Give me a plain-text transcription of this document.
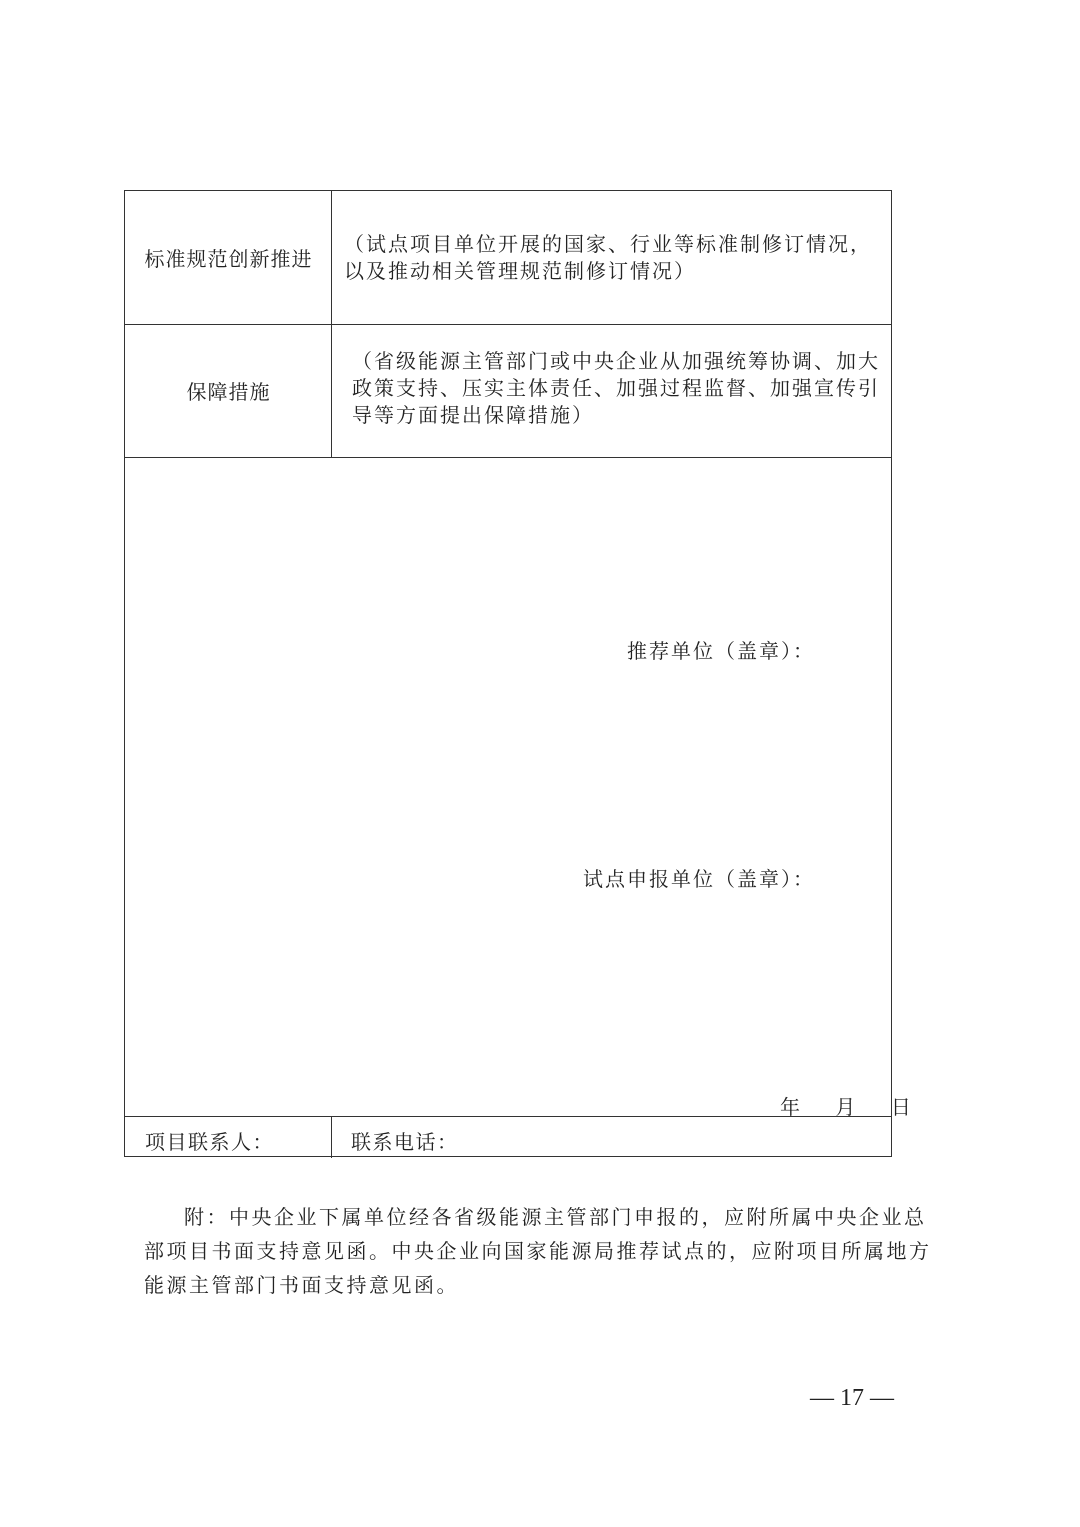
标准规范创新推进
（试点项目单位开展的国家、行业等标准制修订情况，以及推动相关管理规范制修订情况）
保障措施
（省级能源主管部门或中央企业从加强统筹协调、加大政策支持、压实主体责任、加强过程监督、加强宣传引导等方面提出保障措施）
推荐单位（盖章）：
试点申报单位（盖章）：
年    月    日
项目联系人：	联系电话：
附：中央企业下属单位经各省级能源主管部门申报的，应附所属中央企业总部项目书面支持意见函。中央企业向国家能源局推荐试点的，应附项目所属地方能源主管部门书面支持意见函。
— 17 —
